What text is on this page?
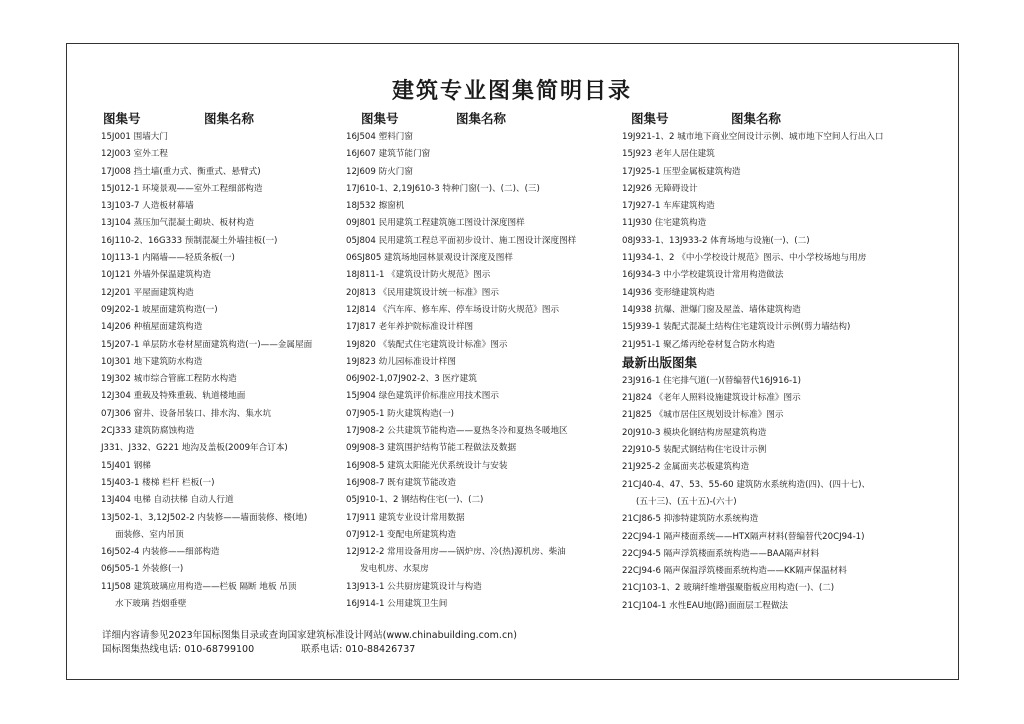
建筑专业图集简明目录
图集号	图集名称	图集号	图集名称	图集号	图集名称
15J001 围墙大门
12J003 室外工程
17J008 挡土墙(重力式、衡重式、悬臂式)
15J012-1 环境景观——室外工程细部构造
13J103-7 人造板材幕墙
13J104 蒸压加气混凝土砌块、板材构造
16J110-2、16G333 预制混凝土外墙挂板(一)
10J113-1 内隔墙——轻质条板(一)
10J121 外墙外保温建筑构造
12J201 平屋面建筑构造
09J202-1 坡屋面建筑构造(一)
14J206 种植屋面建筑构造
15J207-1 单层防水卷材屋面建筑构造(一)——金属屋面
10J301 地下建筑防水构造
19J302 城市综合管廊工程防水构造
12J304 重载及特殊重载、轨道楼地面
07J306 窗井、设备吊装口、排水沟、集水坑
2CJ333 建筑防腐蚀构造
J331、J332、G221 地沟及盖板(2009年合订本)
15J401 钢梯
15J403-1 楼梯 栏杆 栏板(一)
13J404 电梯 自动扶梯 自动人行道
13J502-1、3,12J502-2 内装修——墙面装修、楼(地)
面装修、室内吊顶
16J502-4 内装修——细部构造
06J505-1 外装修(一)
11J508 建筑玻璃应用构造——栏板 隔断 地板 吊顶
水下玻璃 挡烟垂壁
16J504 塑料门窗
16J607 建筑节能门窗
12J609 防火门窗
17J610-1、2,19J610-3 特种门窗(一)、(二)、(三)
18J532 擦窗机
09J801 民用建筑工程建筑施工图设计深度图样
05J804 民用建筑工程总平面初步设计、施工图设计深度图样
06SJ805 建筑场地园林景观设计深度及图样
18J811-1 《建筑设计防火规范》图示
20J813 《民用建筑设计统一标准》图示
12J814 《汽车库、修车库、停车场设计防火规范》图示
17J817 老年养护院标准设计样图
19J820 《装配式住宅建筑设计标准》图示
19J823 幼儿园标准设计样图
06J902-1,07J902-2、3 医疗建筑
15J904 绿色建筑评价标准应用技术图示
07J905-1 防火建筑构造(一)
17J908-2 公共建筑节能构造——夏热冬冷和夏热冬暖地区
09J908-3 建筑围护结构节能工程做法及数据
16J908-5 建筑太阳能光伏系统设计与安装
16J908-7 既有建筑节能改造
05J910-1、2 钢结构住宅(一)、(二)
17J911 建筑专业设计常用数据
07J912-1 变配电所建筑构造
12J912-2 常用设备用房——锅炉房、冷(热)源机房、柴油
发电机房、水泵房
13J913-1 公共厨房建筑设计与构造
16J914-1 公用建筑卫生间
19J921-1、2 城市地下商业空间设计示例、城市地下空间人行出入口
15J923 老年人居住建筑
17J925-1 压型金属板建筑构造
12J926 无障碍设计
17J927-1 车库建筑构造
11J930 住宅建筑构造
08J933-1、13J933-2 体育场地与设施(一)、(二)
11J934-1、2 《中小学校设计规范》图示、中小学校场地与用房
16J934-3 中小学校建筑设计常用构造做法
14J936 变形缝建筑构造
14J938 抗爆、泄爆门窗及屋盖、墙体建筑构造
15J939-1 装配式混凝土结构住宅建筑设计示例(剪力墙结构)
21J951-1 聚乙烯丙纶卷材复合防水构造
最新出版图集
23J916-1 住宅排气道(一)(替编替代16J916-1)
21J824 《老年人照料设施建筑设计标准》图示
21J825 《城市居住区规划设计标准》图示
20J910-3 模块化钢结构房屋建筑构造
22J910-5 装配式钢结构住宅设计示例
21J925-2 金属面夹芯板建筑构造
21CJ40-4、47、53、55-60 建筑防水系统构造(四)、(四十七)、
(五十三)、(五十五)-(六十)
21CJ86-5 抑渗特建筑防水系统构造
22CJ94-1 隔声楼面系统——HTX隔声材料(替编替代20CJ94-1)
22CJ94-5 隔声浮筑楼面系统构造——BAA隔声材料
22CJ94-6 隔声保温浮筑楼面系统构造——KK隔声保温材料
21CJ103-1、2 玻璃纤维增强聚脂板应用构造(一)、(二)
21CJ104-1 水性EAU地(路)面面层工程做法
详细内容请参见2023年国标图集目录或查询国家建筑标准设计网站(www.chinabuilding.com.cn)
国标图集热线电话: 010-68799100	联系电话: 010-88426737
